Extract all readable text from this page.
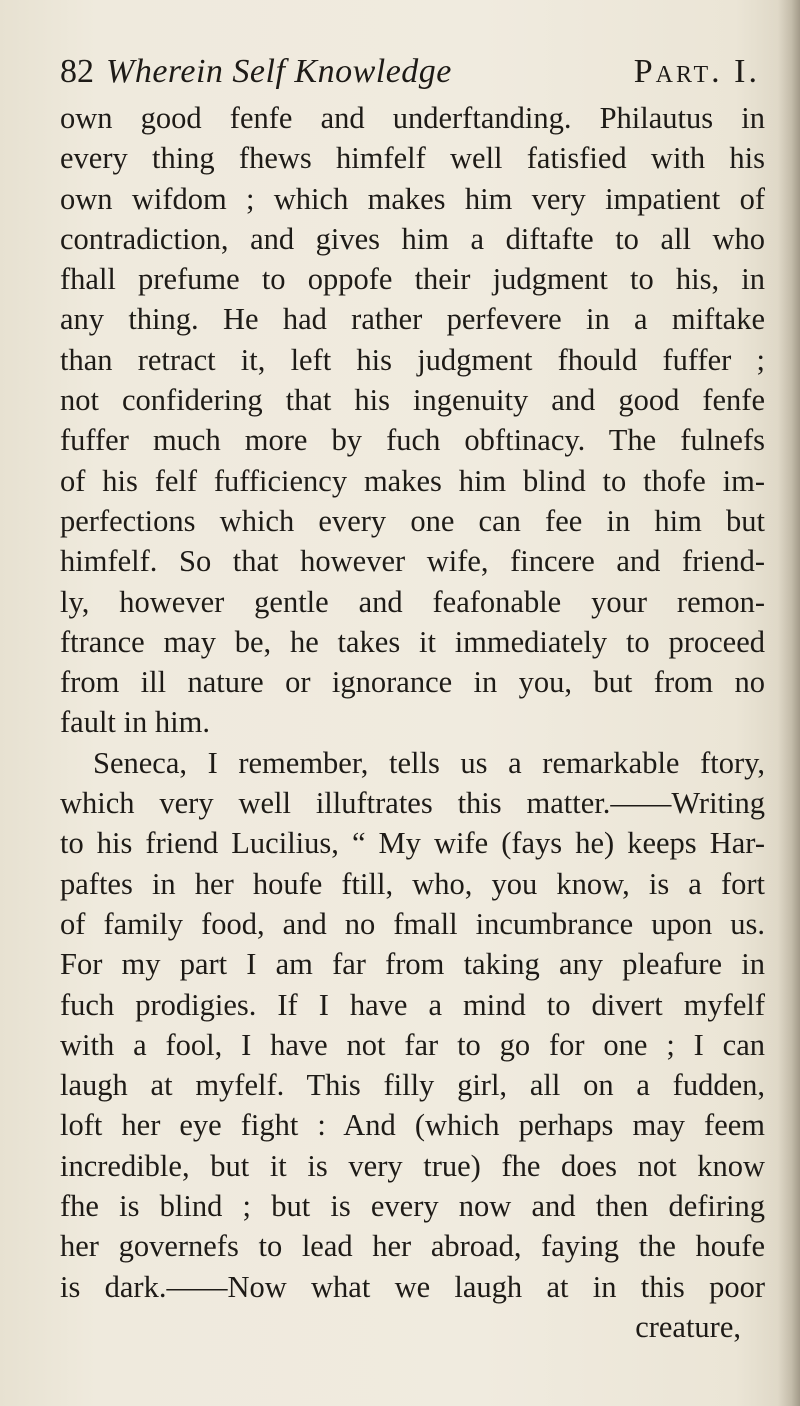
82 Wherein Self Knowledge	Part. I.
own good fenfe and underftanding. Philautus in
every thing fhews himfelf well fatisfied with his
own wifdom ; which makes him very impatient of
contradiction, and gives him a diftafte to all who
fhall prefume to oppofe their judgment to his, in
any thing. He had rather perfevere in a miftake
than retract it, left his judgment fhould fuffer ;
not confidering that his ingenuity and good fenfe
fuffer much more by fuch obftinacy. The fulnefs
of his felf fufficiency makes him blind to thofe im-
perfections which every one can fee in him but
himfelf. So that however wife, fincere and friend-
ly, however gentle and feafonable your remon-
ftrance may be, he takes it immediately to proceed
from ill nature or ignorance in you, but from no
fault in him.
Seneca, I remember, tells us a remarkable ftory,
which very well illuftrates this matter.——Writing
to his friend Lucilius, “ My wife (fays he) keeps Har-
paftes in her houfe ftill, who, you know, is a fort
of family food, and no fmall incumbrance upon us.
For my part I am far from taking any pleafure in
fuch prodigies. If I have a mind to divert myfelf
with a fool, I have not far to go for one ; I can
laugh at myfelf. This filly girl, all on a fudden,
loft her eye fight : And (which perhaps may feem
incredible, but it is very true) fhe does not know
fhe is blind ; but is every now and then defiring
her governefs to lead her abroad, faying the houfe
is dark.——Now what we laugh at in this poor
creature,
